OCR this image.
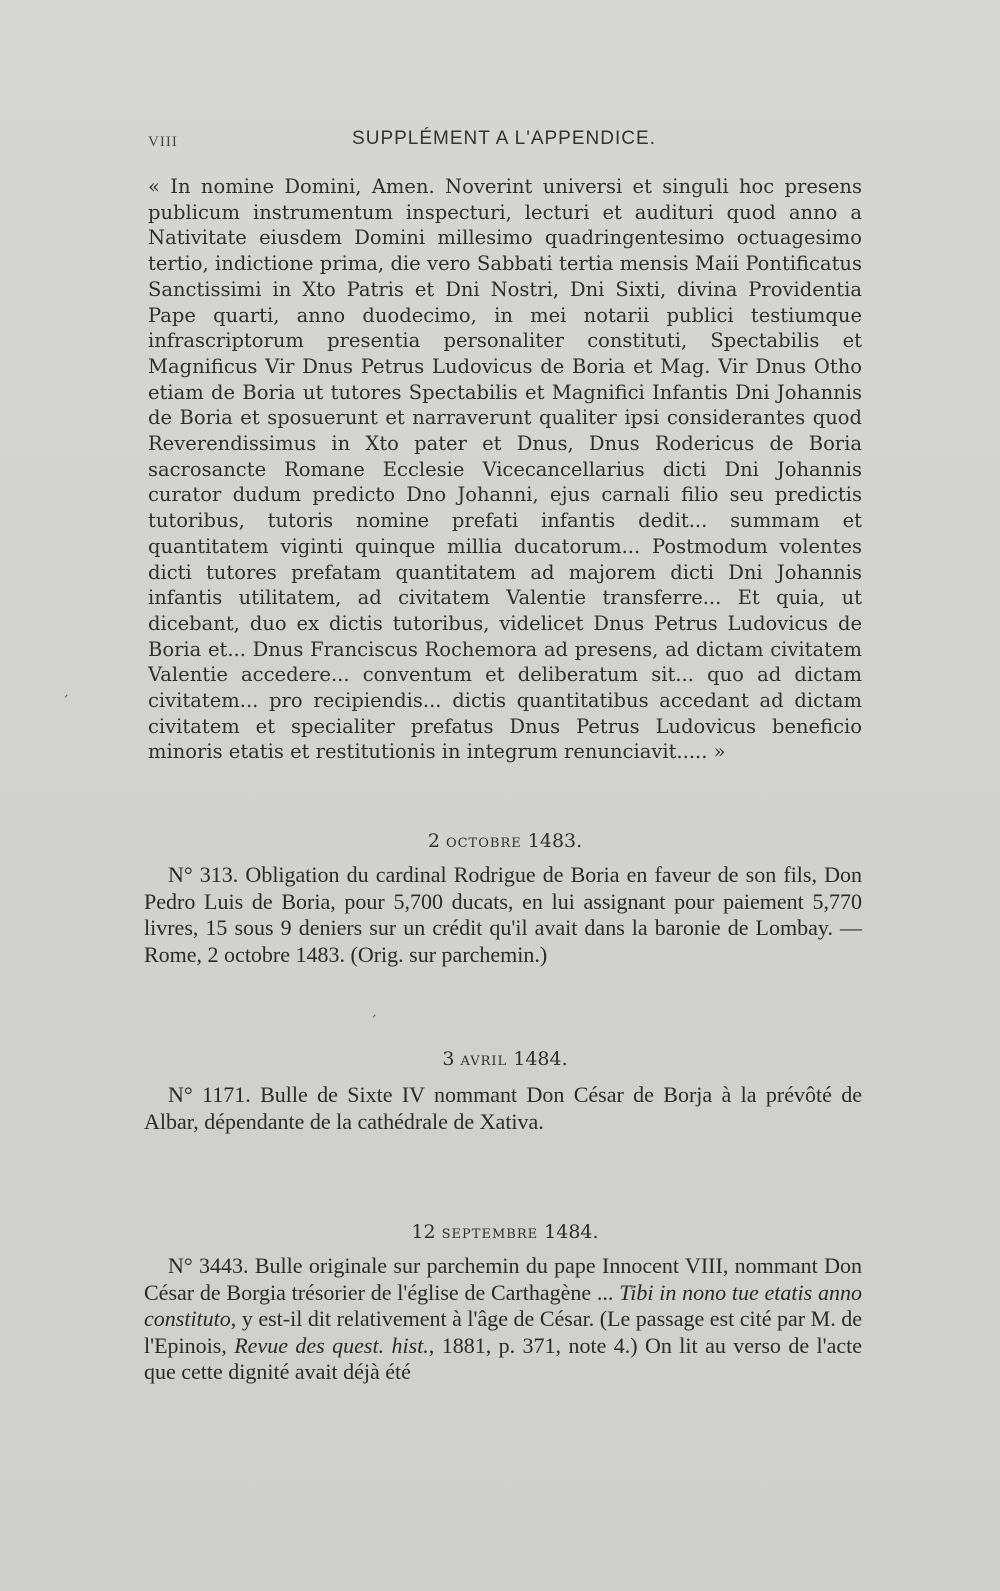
VIII	SUPPLÉMENT A L'APPENDICE.
« In nomine Domini, Amen. Noverint universi et singuli hoc presens publicum instrumentum inspecturi, lecturi et audituri quod anno a Nativitate eiusdem Domini millesimo quadringentesimo octuagesimo tertio, indictione prima, die vero Sabbati tertia mensis Maii Pontificatus Sanctissimi in Xto Patris et Dni Nostri, Dni Sixti, divina Providentia Pape quarti, anno duodecimo, in mei notarii publici testiumque infrascriptorum presentia personaliter constituti, Spectabilis et Magnificus Vir Dnus Petrus Ludovicus de Boria et Mag. Vir Dnus Otho etiam de Boria ut tutores Spectabilis et Magnifici Infantis Dni Johannis de Boria et sposuerunt et narraverunt qualiter ipsi considerantes quod Reverendissimus in Xto pater et Dnus, Dnus Rodericus de Boria sacrosancte Romane Ecclesie Vicecancellarius dicti Dni Johannis curator dudum predicto Dno Johanni, ejus carnali filio seu predictis tutoribus, tutoris nomine prefati infantis dedit... summam et quantitatem viginti quinque millia ducatorum... Postmodum volentes dicti tutores prefatam quantitatem ad majorem dicti Dni Johannis infantis utilitatem, ad civitatem Valentie transferre... Et quia, ut dicebant, duo ex dictis tutoribus, videlicet Dnus Petrus Ludovicus de Boria et... Dnus Franciscus Rochemora ad presens, ad dictam civitatem Valentie accedere... conventum et deliberatum sit... quo ad dictam civitatem... pro recipiendis... dictis quantitatibus accedant ad dictam civitatem et specialiter prefatus Dnus Petrus Ludovicus beneficio minoris etatis et restitutionis in integrum renunciavit..... »
2 OCTOBRE 1483.
N° 313. Obligation du cardinal Rodrigue de Boria en faveur de son fils, Don Pedro Luis de Boria, pour 5,700 ducats, en lui assignant pour paiement 5,770 livres, 15 sous 9 deniers sur un crédit qu'il avait dans la baronie de Lombay. — Rome, 2 octobre 1483. (Orig. sur parchemin.)
3 AVRIL 1484.
N° 1171. Bulle de Sixte IV nommant Don César de Borja à la prévôté de Albar, dépendante de la cathédrale de Xativa.
12 SEPTEMBRE 1484.
N° 3443. Bulle originale sur parchemin du pape Innocent VIII, nommant Don César de Borgia trésorier de l'église de Carthagène ... Tibi in nono tue etatis anno constituto, y est-il dit relativement à l'âge de César. (Le passage est cité par M. de l'Epinois, Revue des quest. hist., 1881, p. 371, note 4.) On lit au verso de l'acte que cette dignité avait déjà été
ˏ
ˏ
